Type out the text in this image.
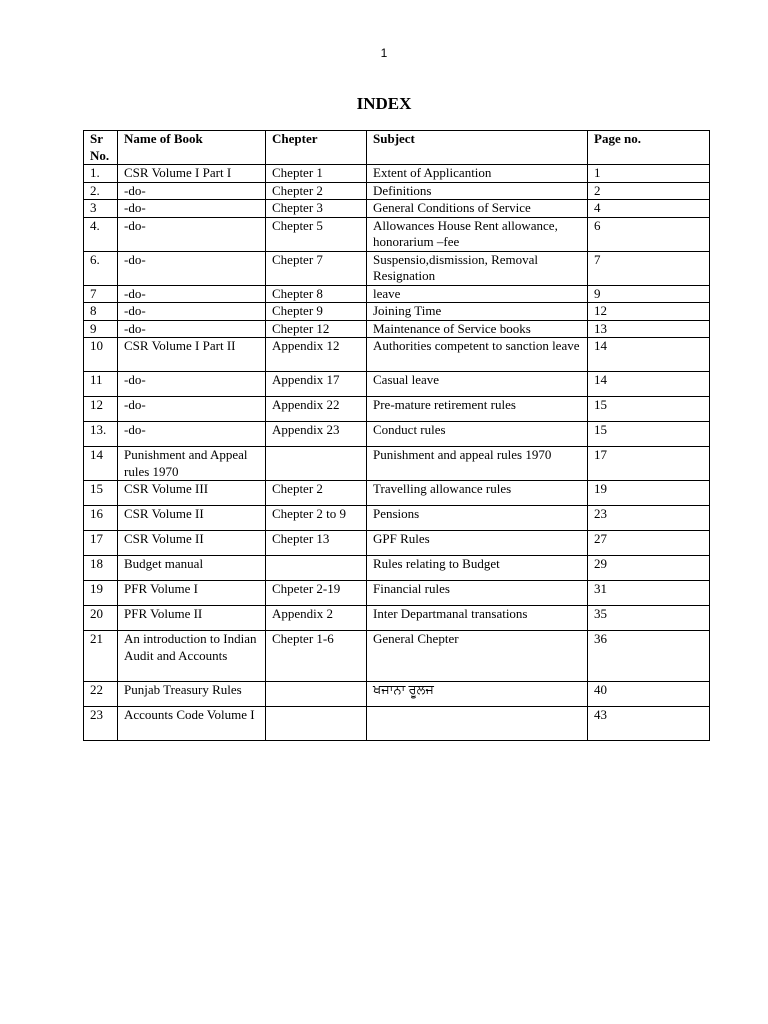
1
INDEX
Sr No.	Name of Book	Chepter	Subject	Page no.
1.	CSR Volume I Part I	Chepter 1	Extent of Applicantion	1
2.	-do-	Chepter 2	Definitions	2
3	-do-	Chepter 3	General Conditions of Service	4
4.	-do-	Chepter 5	Allowances House Rent allowance, honorarium –fee	6
6.	-do-	Chepter 7	Suspensio,dismission, Removal Resignation	7
7	-do-	Chepter 8	leave	9
8	-do-	Chepter 9	Joining Time	12
9	-do-	Chepter 12	Maintenance of Service books	13
10	CSR Volume I Part II	Appendix 12	Authorities competent to sanction leave	14
11	-do-	Appendix 17	Casual leave	14
12	-do-	Appendix 22	Pre-mature retirement rules	15
13.	-do-	Appendix 23	Conduct rules	15
14	Punishment and Appeal rules 1970		Punishment and appeal rules 1970	17
15	CSR Volume III	Chepter 2	Travelling allowance rules	19
16	CSR Volume II	Chepter 2 to 9	Pensions	23
17	CSR Volume II	Chepter 13	GPF Rules	27
18	Budget manual		Rules relating to Budget	29
19	PFR Volume I	Chpeter 2-19	Financial rules	31
20	PFR Volume II	Appendix 2	Inter Departmanal transations	35
21	An introduction to Indian Audit and Accounts	Chepter 1-6	General Chepter	36
22	Punjab Treasury Rules		ਖਜਾਨਾ ਰੂਲਜ	40
23	Accounts Code Volume I			43
